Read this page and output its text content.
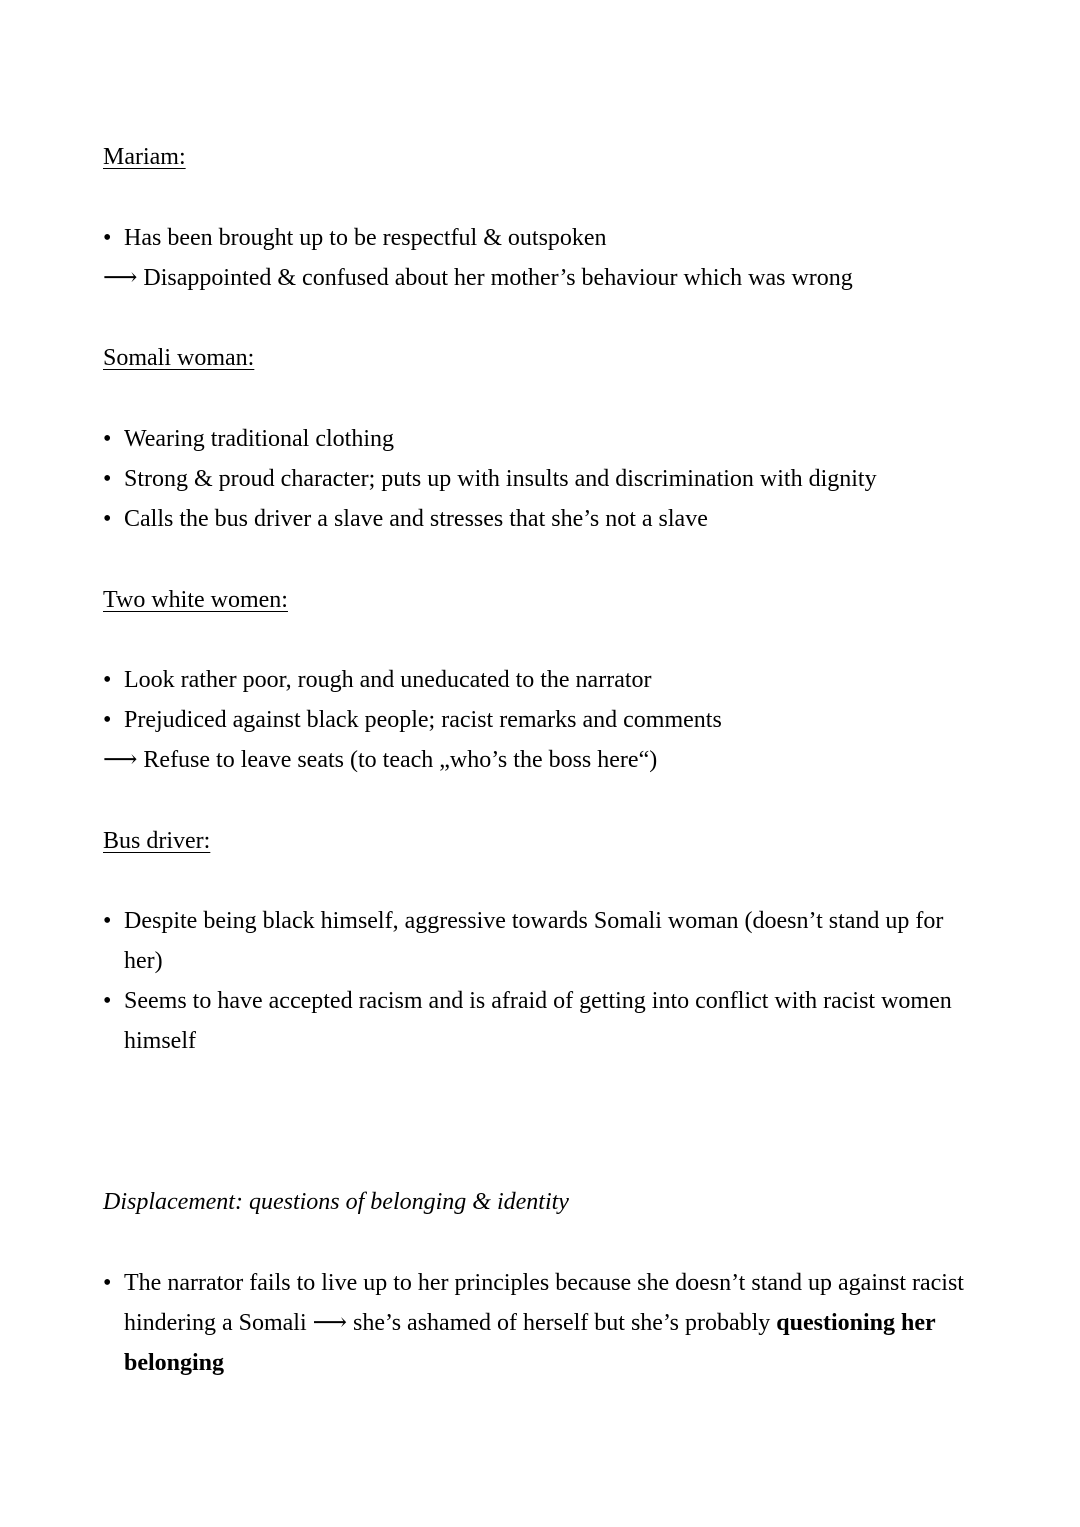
Mariam:
• Has been brought up to be respectful & outspoken
⟶ Disappointed & confused about her mother’s behaviour which was wrong
Somali woman:
• Wearing traditional clothing
• Strong & proud character; puts up with insults and discrimination with dignity
• Calls the bus driver a slave and stresses that she’s not a slave
Two white women:
• Look rather poor, rough and uneducated to the narrator
• Prejudiced against black people; racist remarks and comments
⟶ Refuse to leave seats (to teach „who’s the boss here“)
Bus driver:
• Despite being black himself, aggressive towards Somali woman (doesn’t stand up for her)
• Seems to have accepted racism and is afraid of getting into conflict with racist women himself
Displacement: questions of belonging & identity
• The narrator fails to live up to her principles because she doesn’t stand up against racist hindering a Somali ⟶ she’s ashamed of herself but she’s probably questioning her belonging
